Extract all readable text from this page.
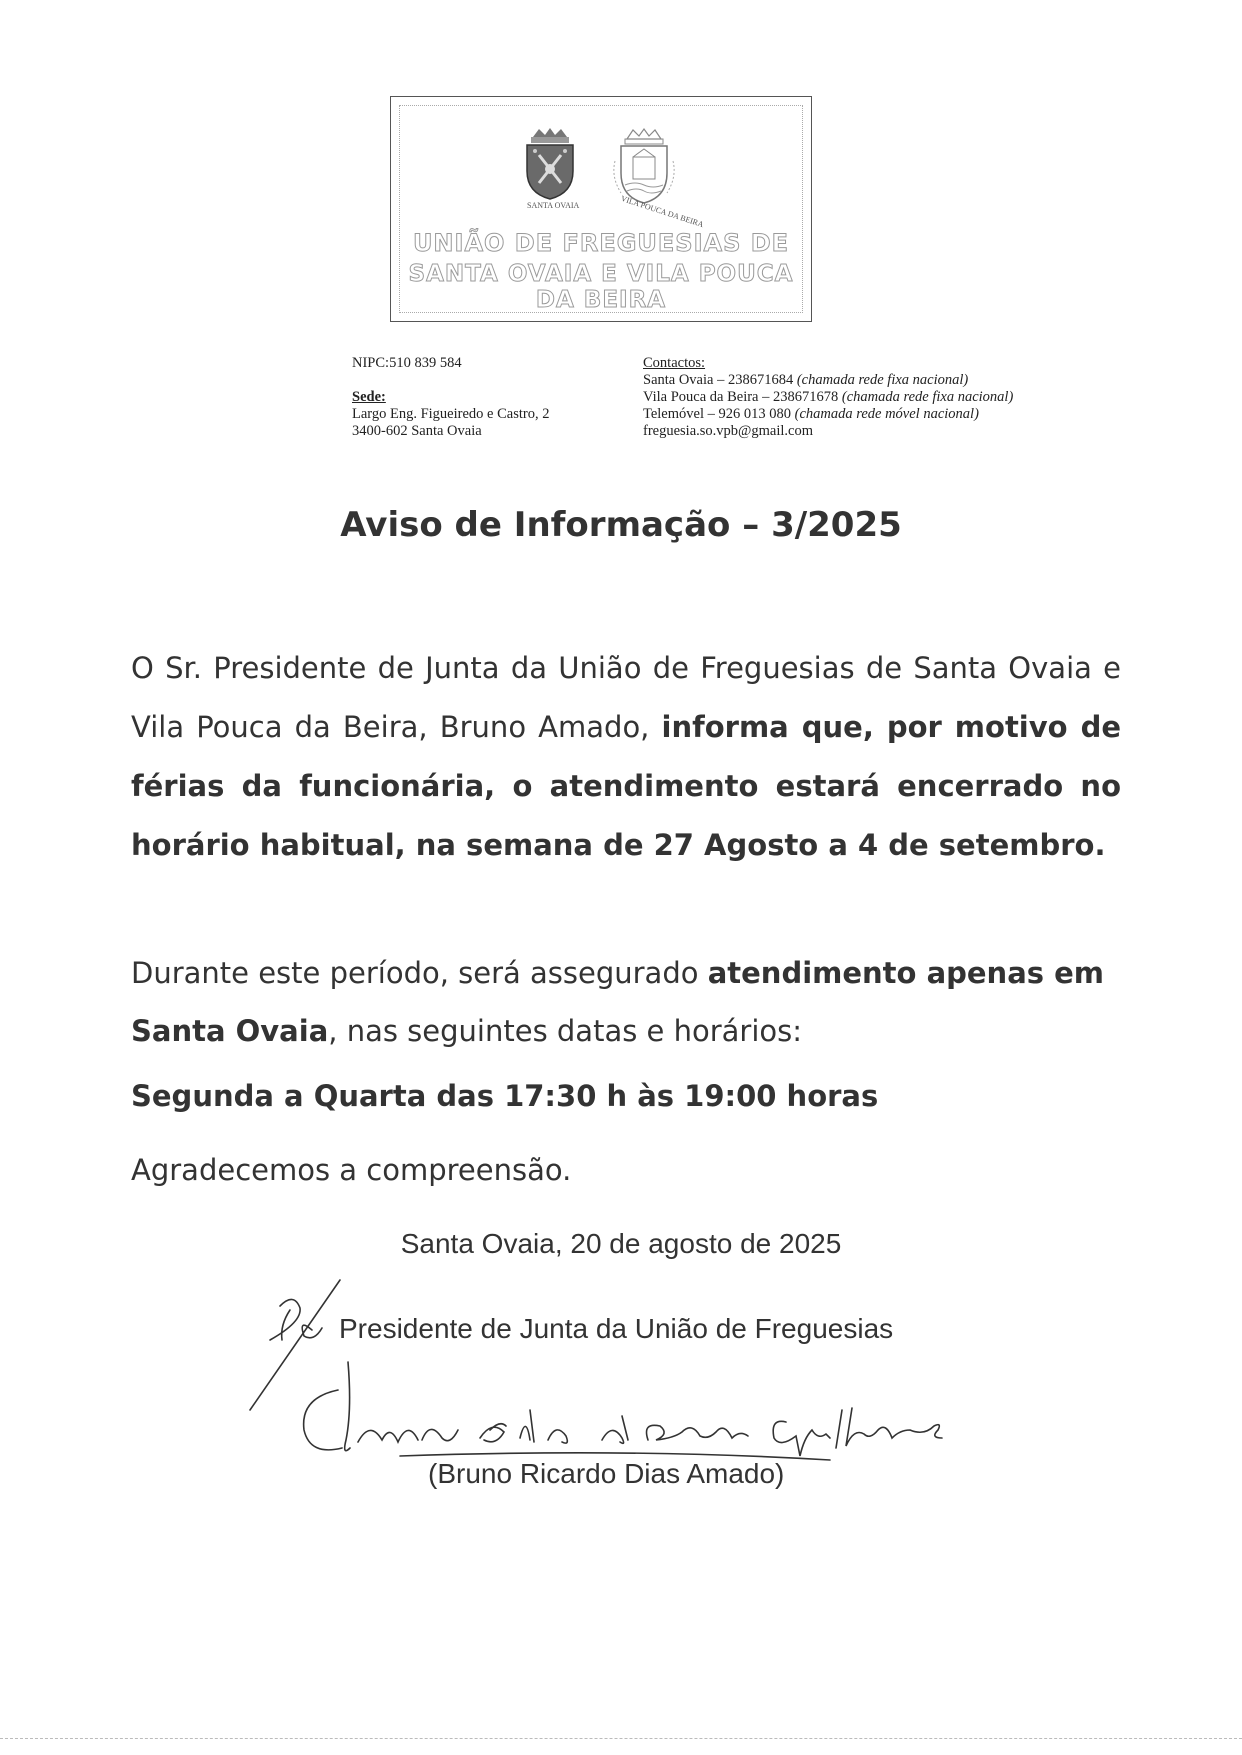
SANTA OVAIA	VILA POUCA DA BEIRA
UNIÃO DE FREGUESIAS DE
SANTA OVAIA E VILA POUCA DA BEIRA
NIPC:510 839 584
Sede:
Largo Eng. Figueiredo e Castro, 2
3400-602 Santa Ovaia
Contactos:
Santa Ovaia – 238671684 (chamada rede fixa nacional)
Vila Pouca da Beira – 238671678 (chamada rede fixa nacional)
Telemóvel – 926 013 080 (chamada rede móvel nacional)
freguesia.so.vpb@gmail.com
Aviso de Informação – 3/2025
O Sr. Presidente de Junta da União de Freguesias de Santa Ovaia e Vila Pouca da Beira, Bruno Amado, informa que, por motivo de férias da funcionária, o atendimento estará encerrado no horário habitual, na semana de 27 Agosto a 4 de setembro.
Durante este período, será assegurado atendimento apenas em Santa Ovaia, nas seguintes datas e horários:
Segunda a Quarta das 17:30 h às 19:00 horas
Agradecemos a compreensão.
Santa Ovaia, 20 de agosto de 2025
Presidente de Junta da União de Freguesias
(Bruno Ricardo Dias Amado)
